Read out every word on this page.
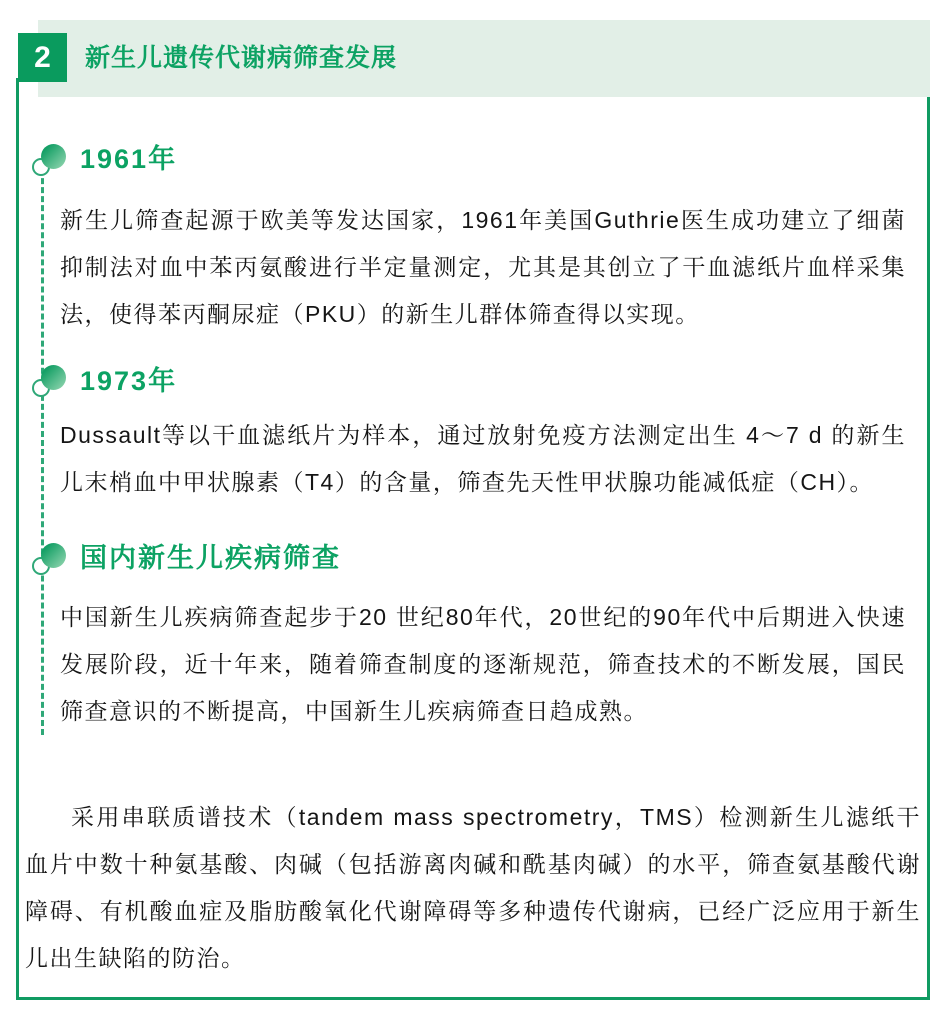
2 新生儿遗传代谢病筛查发展
1961年
新生儿筛查起源于欧美等发达国家，1961年美国Guthrie医生成功建立了细菌抑制法对血中苯丙氨酸进行半定量测定，尤其是其创立了干血滤纸片血样采集法，使得苯丙酮尿症（PKU）的新生儿群体筛查得以实现。
1973年
Dussault等以干血滤纸片为样本，通过放射免疫方法测定出生 4～7 d 的新生儿末梢血中甲状腺素（T4）的含量，筛查先天性甲状腺功能减低症（CH）。
国内新生儿疾病筛查
中国新生儿疾病筛查起步于20 世纪80年代，20世纪的90年代中后期进入快速发展阶段，近十年来，随着筛查制度的逐渐规范，筛查技术的不断发展，国民筛查意识的不断提高，中国新生儿疾病筛查日趋成熟。
采用串联质谱技术（tandem mass spectrometry，TMS）检测新生儿滤纸干血片中数十种氨基酸、肉碱（包括游离肉碱和酰基肉碱）的水平，筛查氨基酸代谢障碍、有机酸血症及脂肪酸氧化代谢障碍等多种遗传代谢病，已经广泛应用于新生儿出生缺陷的防治。
